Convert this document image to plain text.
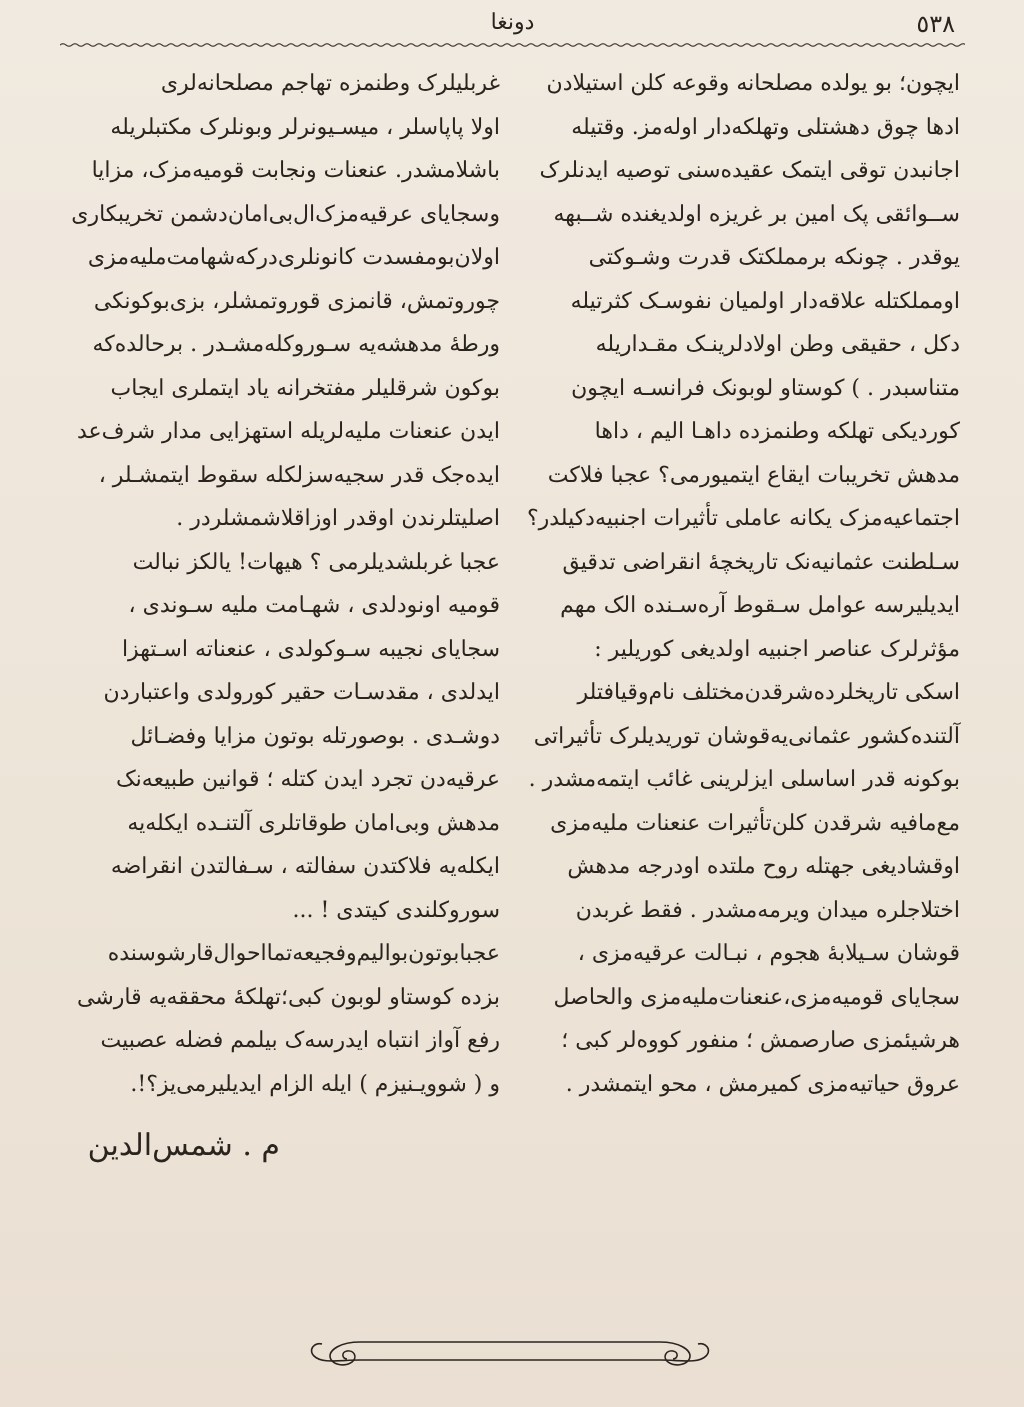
دونغا	٥٣٨

ایچون؛ بو یولده مصلحانه وقوعه کلن استیلادن

ادها چوق دهشتلی وتهلکه‌دار اوله‌مز. وقتیله

اجانبدن توقی ایتمک عقیده‌سنی توصیه ایدنلرک

ســوائقی پک امین بر غریزه اولدیغنده شــبهه

یوقدر . چونکه برمملکتک قدرت وشـوکتی

اومملکتله علاقه‌دار اولمیان نفوسـک کثرتیله

دکل ، حقیقی وطن اولادلرینـک مقـداریله

متناسبدر . ) کوستاو لوبونک فرانسـه ایچون

کوردیکی تهلکه وطنمزده داهـا الیم ، داها

مدهش تخریبات ایقاع ایتمیورمی؟ عجبا فلاکت

اجتماعیه‌مزک یکانه عاملی تأثیرات اجنبیه‌دکیلدر؟

سـلطنت عثمانیه‌نک تاریخچهٔ انقراضی تدقیق

ایدیلیرسه عوامل سـقوط آره‌سـنده الک مهم

مؤثرلرک عناصر اجنبیه اولدیغی کوریلیر :

اسکی تاریخلرده‌شرقدن‌مختلف نام‌وقیافتلر

آلتنده‌کشور عثمانی‌یه‌قوشان توریدیلرک تأثیراتی

بوکونه قدر اساسلی ایزلرینی غائب ایتمه‌مشدر .

مع‌مافیه شرقدن کلن‌تأثیرات عنعنات ملیه‌مزی

اوقشادیغی جهتله روح ملتده اودرجه مدهش

اختلاجلره میدان ویرمه‌مشدر . فقط غربدن

قوشان سـیلابهٔ هجوم ، نبـالت عرقیه‌مزی ،

سجایای قومیه‌مزی،عنعنات‌ملیه‌مزی والحاصل

هرشیئمزی صارصمش ؛ منفور کووه‌لر کبی ؛

عروق حیاتیه‌مزی کمیرمش ، محو ایتمشدر .

غربلیلرک وطنمزه تهاجم مصلحانه‌لری

اولا پاپاسلر ، میسـیونرلر وبونلرک مکتبلریله

باشلامشدر. عنعنات ونجابت قومیه‌مزک، مزایا

وسجایای عرقیه‌مزک‌ال‌بی‌امان‌دشمن تخریبکاری

اولان‌بومفسدت کانونلری‌درکه‌شهامت‌ملیه‌مزی

چوروتمش، قانمزی قوروتمشلر، بزی‌بوکونکی

ورطهٔ مدهشه‌یه سـوروکله‌مشـدر . برحالده‌که

بوکون شرقلیلر مفتخرانه یاد ایتملری ایجاب

ایدن عنعنات ملیه‌لریله استهزایی مدار شرف‌عد

ایده‌جک قدر سجیه‌سزلکله سقوط ایتمشـلر ،

اصلیتلرندن اوقدر اوزاقلاشمشلردر .

عجبا غربلشدیلرمی ؟ هیهات! یالکز نبالت

قومیه اونودلدی ، شهـامت ملیه سـوندی ،

سجایای نجیبه سـوکولدی ، عنعناته اسـتهزا

ایدلدی ، مقدسـات حقیر کورولدی واعتباردن

دوشـدی . بوصورتله بوتون مزایا وفضـائل

عرقیه‌دن تجرد ایدن کتله ؛ قوانین طبیعه‌نک

مدهش وبی‌امان طوقاتلری آلتنـده ایکله‌یه

ایکله‌یه فلاکتدن سفالته ، سـفالتدن انقراضه

سوروکلندی کیتدی ! ...

عجبابوتون‌بوالیم‌وفجیعه‌تمااحوال‌قارشوسنده

بزده کوستاو لوبون کبی؛تهلکهٔ محققه‌یه قارشی

رفع آواز انتباه ایدرسه‌ک بیلمم فضله عصبیت

و ( شوویـنیزم ) ایله الزام ایدیلیرمی‌یز؟!.

م . شمس‌الدین
